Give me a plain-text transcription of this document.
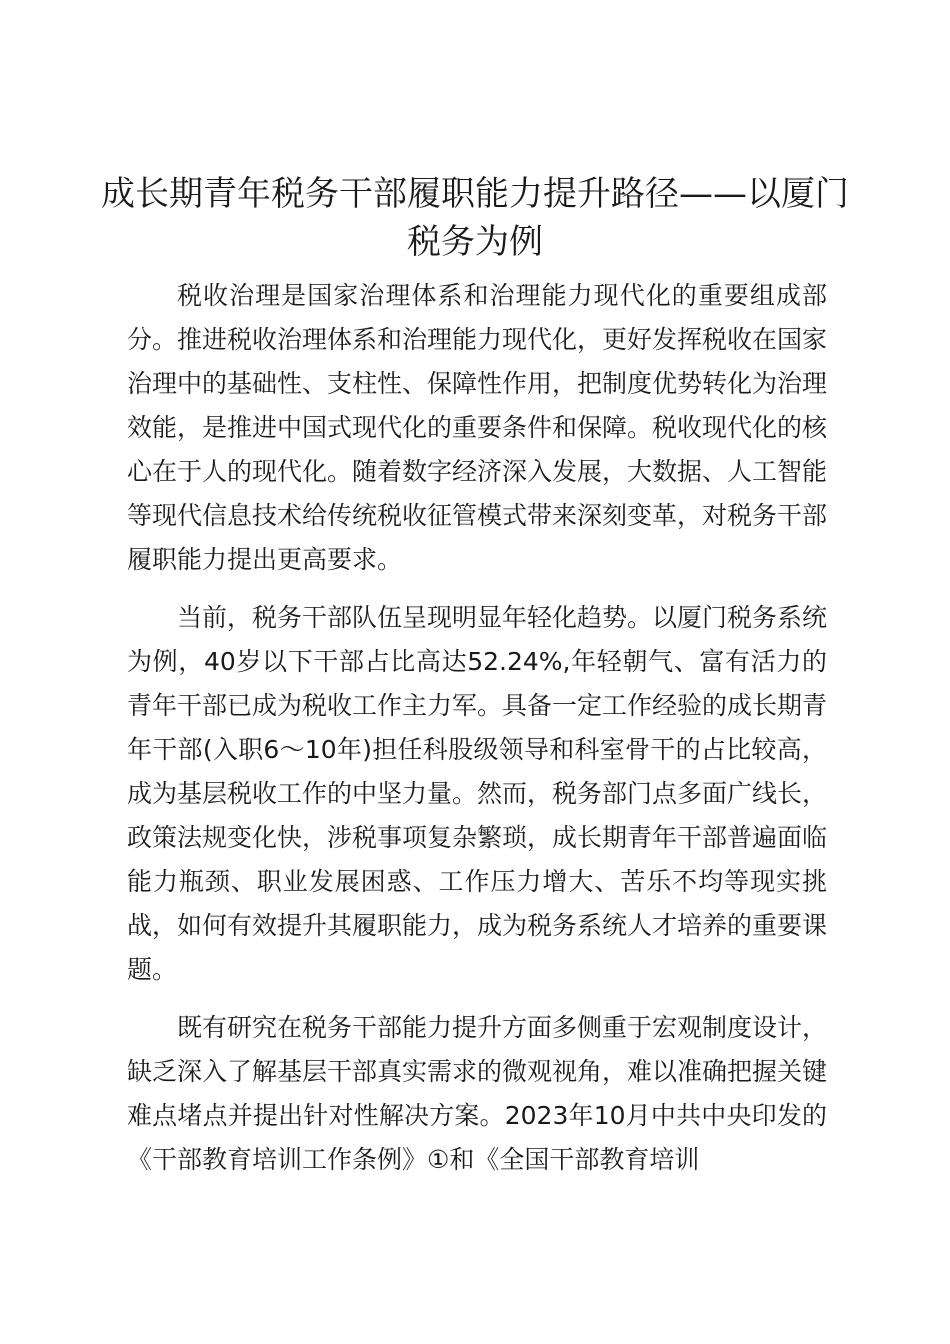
成长期青年税务干部履职能力提升路径——以厦门税务为例

税收治理是国家治理体系和治理能力现代化的重要组成部分。推进税收治理体系和治理能力现代化，更好发挥税收在国家治理中的基础性、支柱性、保障性作用，把制度优势转化为治理效能，是推进中国式现代化的重要条件和保障。税收现代化的核心在于人的现代化。随着数字经济深入发展，大数据、人工智能等现代信息技术给传统税收征管模式带来深刻变革，对税务干部履职能力提出更高要求。

当前，税务干部队伍呈现明显年轻化趋势。以厦门税务系统为例，40岁以下干部占比高达52.24%,年轻朝气、富有活力的青年干部已成为税收工作主力军。具备一定工作经验的成长期青年干部(入职6～10年)担任科股级领导和科室骨干的占比较高，成为基层税收工作的中坚力量。然而，税务部门点多面广线长，政策法规变化快，涉税事项复杂繁琐，成长期青年干部普遍面临能力瓶颈、职业发展困惑、工作压力增大、苦乐不均等现实挑战，如何有效提升其履职能力，成为税务系统人才培养的重要课题。

既有研究在税务干部能力提升方面多侧重于宏观制度设计，缺乏深入了解基层干部真实需求的微观视角，难以准确把握关键难点堵点并提出针对性解决方案。2023年10月中共中央印发的《干部教育培训工作条例》①和《全国干部教育培训
